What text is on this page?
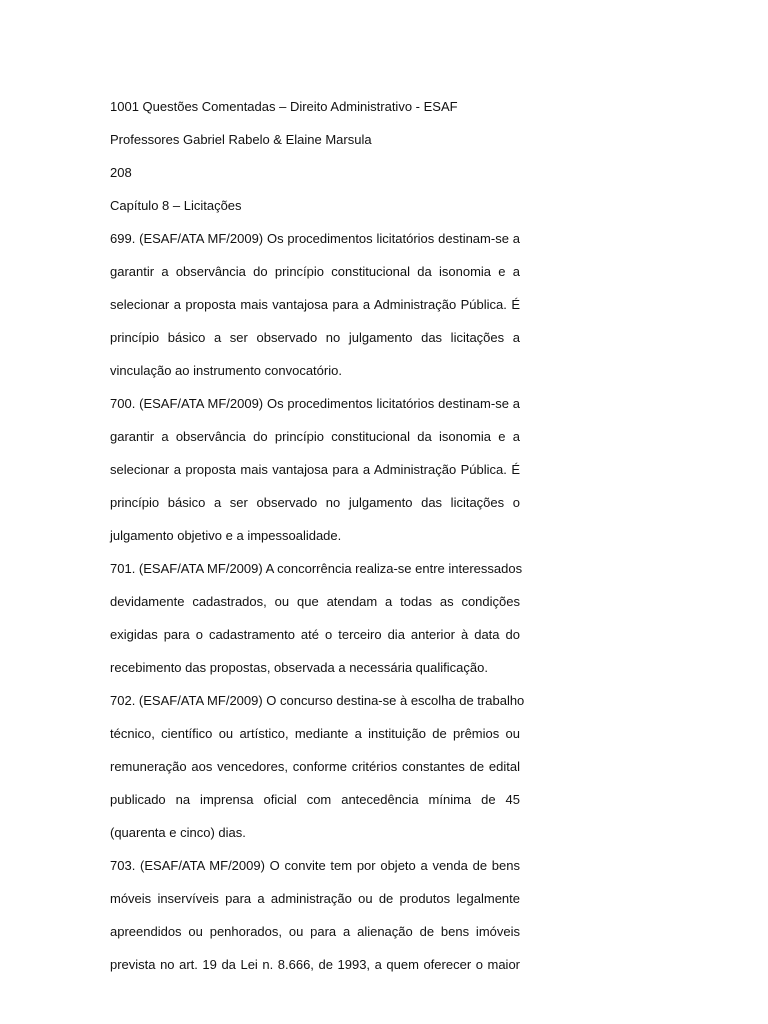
1001 Questões Comentadas – Direito Administrativo - ESAF
Professores Gabriel Rabelo & Elaine Marsula
208
Capítulo 8 – Licitações
699. (ESAF/ATA MF/2009) Os procedimentos licitatórios destinam-se a
garantir a observância do princípio constitucional da isonomia e a
selecionar a proposta mais vantajosa para a Administração Pública. É
princípio básico a ser observado no julgamento das licitações a
vinculação ao instrumento convocatório.
700. (ESAF/ATA MF/2009) Os procedimentos licitatórios destinam-se a
garantir a observância do princípio constitucional da isonomia e a
selecionar a proposta mais vantajosa para a Administração Pública. É
princípio básico a ser observado no julgamento das licitações o
julgamento objetivo e a impessoalidade.
701. (ESAF/ATA MF/2009) A concorrência realiza-se entre interessados
devidamente cadastrados, ou que atendam a todas as condições
exigidas para o cadastramento até o terceiro dia anterior à data do
recebimento das propostas, observada a necessária qualificação.
702. (ESAF/ATA MF/2009) O concurso destina-se à escolha de trabalho
técnico, científico ou artístico, mediante a instituição de prêmios ou
remuneração aos vencedores, conforme critérios constantes de edital
publicado na imprensa oficial com antecedência mínima de 45
(quarenta e cinco) dias.
703. (ESAF/ATA MF/2009) O convite tem por objeto a venda de bens
móveis inservíveis para a administração ou de produtos legalmente
apreendidos ou penhorados, ou para a alienação de bens imóveis
prevista no art. 19 da Lei n. 8.666, de 1993, a quem oferecer o maior
